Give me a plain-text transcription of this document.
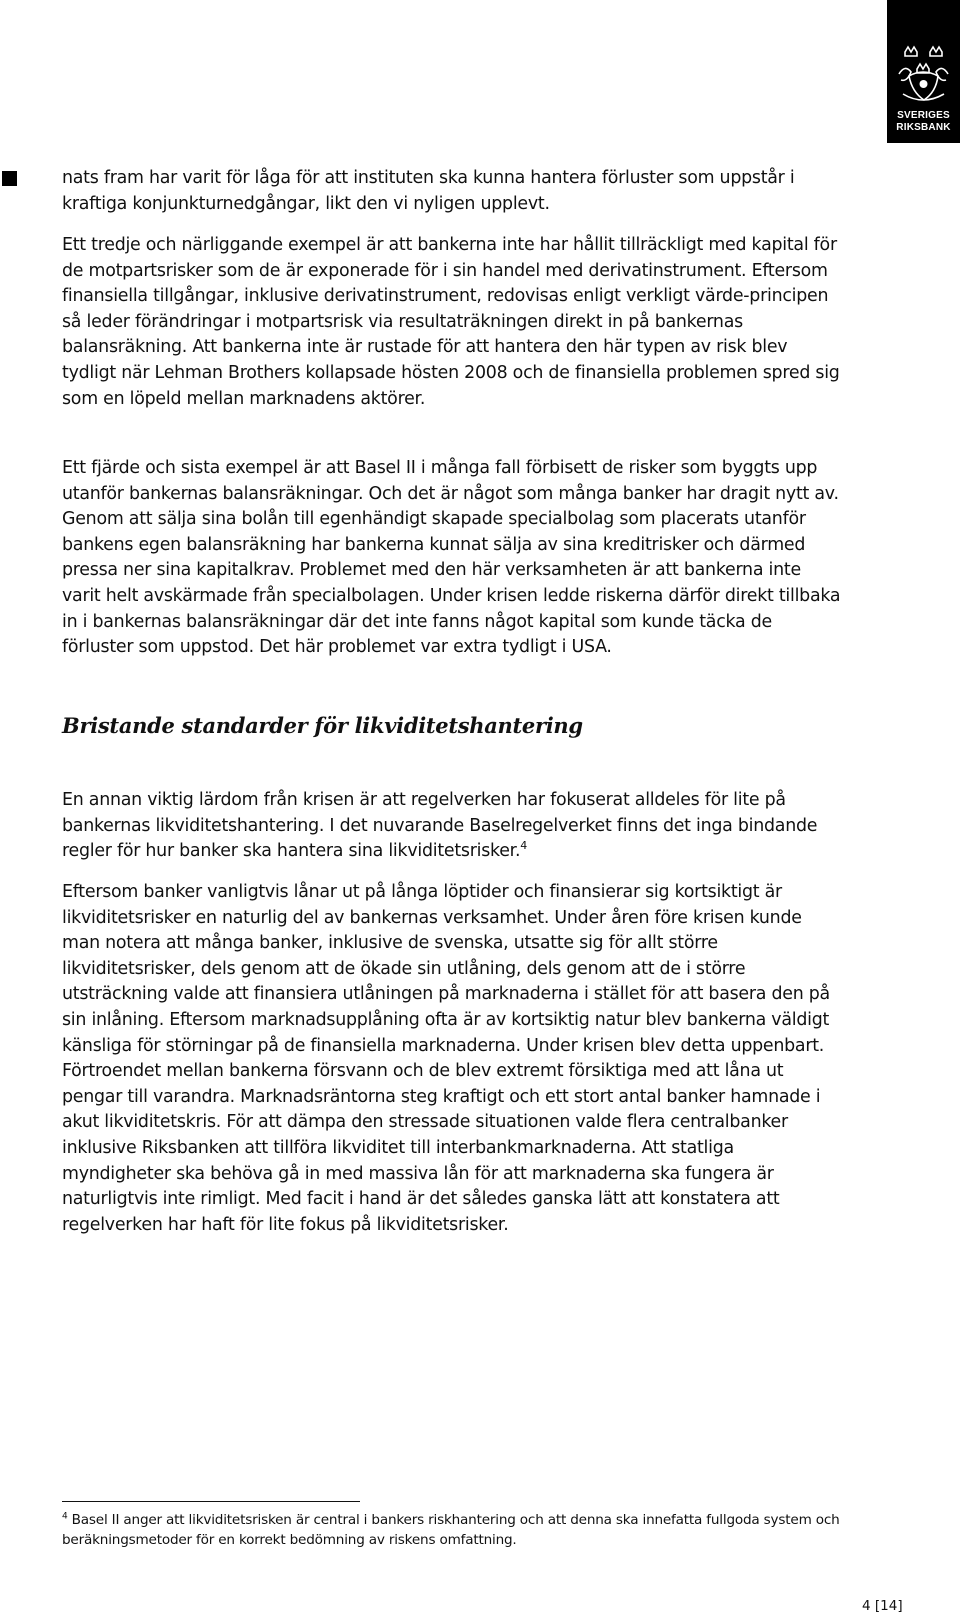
SVERIGES
RIKSBANK

nats fram har varit för låga för att instituten ska kunna hantera förluster som uppstår i kraftiga konjunkturnedgångar, likt den vi nyligen upplevt.

Ett tredje och närliggande exempel är att bankerna inte har hållit tillräckligt med kapital för de motpartsrisker som de är exponerade för i sin handel med derivatinstrument. Eftersom finansiella tillgångar, inklusive derivatinstrument, redovisas enligt verkligt värde-principen så leder förändringar i motpartsrisk via resultaträkningen direkt in på bankernas balansräkning. Att bankerna inte är rustade för att hantera den här typen av risk blev tydligt när Lehman Brothers kollapsade hösten 2008 och de finansiella problemen spred sig som en löpeld mellan marknadens aktörer.

Ett fjärde och sista exempel är att Basel II i många fall förbisett de risker som byggts upp utanför bankernas balansräkningar. Och det är något som många banker har dragit nytt av. Genom att sälja sina bolån till egenhändigt skapade specialbolag som placerats utanför bankens egen balansräkning har bankerna kunnat sälja av sina kreditrisker och därmed pressa ner sina kapitalkrav. Problemet med den här verksamheten är att bankerna inte varit helt avskärmade från specialbolagen. Under krisen ledde riskerna därför direkt tillbaka in i bankernas balansräkningar där det inte fanns något kapital som kunde täcka de förluster som uppstod. Det här problemet var extra tydligt i USA.

Bristande standarder för likviditetshantering

En annan viktig lärdom från krisen är att regelverken har fokuserat alldeles för lite på bankernas likviditetshantering. I det nuvarande Baselregelverket finns det inga bindande regler för hur banker ska hantera sina likviditetsrisker.$^4$

Eftersom banker vanligtvis lånar ut på långa löptider och finansierar sig kortsiktigt är likviditetsrisker en naturlig del av bankernas verksamhet. Under åren före krisen kunde man notera att många banker, inklusive de svenska, utsatte sig för allt större likviditetsrisker, dels genom att de ökade sin utlåning, dels genom att de i större utsträckning valde att finansiera utlåningen på marknaderna i stället för att basera den på sin inlåning. Eftersom marknadsupplåning ofta är av kortsiktig natur blev bankerna väldigt känsliga för störningar på de finansiella marknaderna. Under krisen blev detta uppenbart. Förtroendet mellan bankerna försvann och de blev extremt försiktiga med att låna ut pengar till varandra. Marknadsräntorna steg kraftigt och ett stort antal banker hamnade i akut likviditetskris. För att dämpa den stressade situationen valde flera centralbanker inklusive Riksbanken att tillföra likviditet till interbankmarknaderna. Att statliga myndigheter ska behöva gå in med massiva lån för att marknaderna ska fungera är naturligtvis inte rimligt. Med facit i hand är det således ganska lätt att konstatera att regelverken har haft för lite fokus på likviditetsrisker.

$^4$ Basel II anger att likviditetsrisken är central i bankers riskhantering och att denna ska innefatta fullgoda system och beräkningsmetoder för en korrekt bedömning av riskens omfattning.

4 [14]
